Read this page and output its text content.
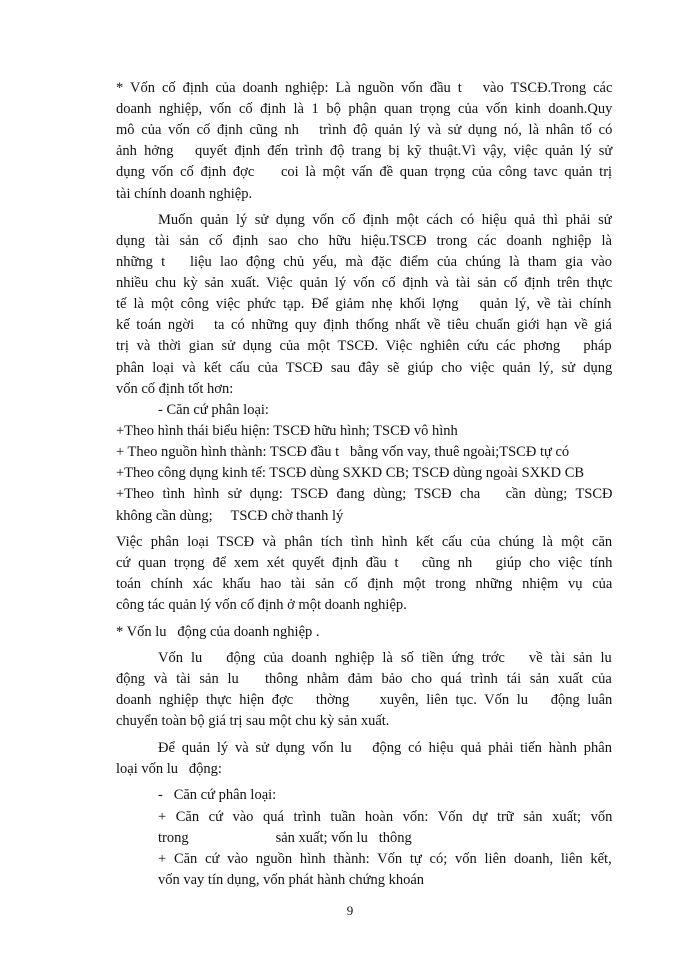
* Vốn cố định của doanh nghiệp: Là nguồn vốn đầu t   vào TSCĐ.Trong các
doanh nghiệp, vốn cố định là 1 bộ phận quan trọng của vốn kinh doanh.Quy
mô của vốn cố định cũng nh   trình độ quản lý và sử dụng nó, là nhân tố có
ảnh hởng   quyết định đến trình độ trang bị kỹ thuật.Vì vậy, việc quản lý sử
dụng vốn cố định đợc    coi là một vấn đề quan trọng của công tavc quản trị
tài chính doanh nghiệp.
Muốn quản lý sử dụng vốn cố định một cách có hiệu quả thì phải sử
dụng tài sản cố định sao cho hữu hiệu.TSCĐ trong các doanh nghiệp là
những t   liệu lao động chủ yếu, mà đặc điểm của chúng là tham gia vào
nhiều chu kỳ sản xuất. Việc quản lý vốn cố định và tài sản cố định trên thực
tế là một công việc phức tạp. Để giảm nhẹ khối lợng   quản lý, về tài chính
kế toán ngời   ta có những quy định thống nhất về tiêu chuẩn giới hạn về giá
trị và thời gian sử dụng của một TSCĐ. Việc nghiên cứu các phơng   pháp
phân loại và kết cấu của TSCĐ sau đây sẽ giúp cho việc quản lý, sử dụng
vốn cố định tốt hơn:
- Căn cứ phân loại:
+Theo hình thái biểu hiện: TSCĐ hữu hình; TSCĐ vô hình
+ Theo nguồn hình thành: TSCĐ đầu t   bằng vốn vay, thuê ngoài;TSCĐ tự có
+Theo công dụng kinh tế: TSCĐ dùng SXKD CB; TSCĐ dùng ngoài SXKD CB
+Theo tình hình sử dụng: TSCĐ đang dùng; TSCĐ cha   cần dùng; TSCĐ
không cần dùng;     TSCĐ chờ thanh lý
Việc phân loại TSCĐ và phân tích tình hình kết cấu của chúng là một căn
cứ quan trọng để xem xét quyết định đầu t   cũng nh   giúp cho việc tính
toán chính xác khấu hao tài sản cố định một trong những nhiệm vụ của
công tác quản lý vốn cố định ở một doanh nghiệp.
* Vốn lu   động của doanh nghiệp .
Vốn lu   động của doanh nghiệp là số tiền ứng trớc   về tài sản lu
động và tài sản lu   thông nhằm đảm bảo cho quá trình tái sản xuất của
doanh nghiệp thực hiện đợc   thờng    xuyên, liên tục. Vốn lu   động luân
chuyển toàn bộ giá trị sau một chu kỳ sản xuất.
Để quản lý và sử dụng vốn lu   động có hiệu quả phải tiến hành phân
loại vốn lu   động:
-   Căn cứ phân loại:
+ Căn cứ vào quá trình tuần hoàn vốn: Vốn dự trữ sản xuất; vốn
trong                        sản xuất; vốn lu   thông
+ Căn cứ vào nguồn hình thành: Vốn tự có; vốn liên doanh, liên kết,
vốn vay tín dụng, vốn phát hành chứng khoán
9
